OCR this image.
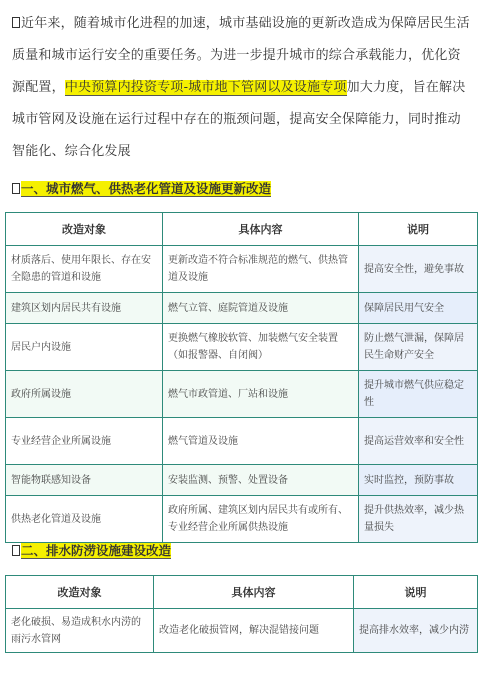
近年来，随着城市化进程的加速，城市基础设施的更新改造成为保障居民生活质量和城市运行安全的重要任务。为进一步提升城市的综合承载能力，优化资源配置，中央预算内投资专项-城市地下管网以及设施专项加大力度，旨在解决城市管网及设施在运行过程中存在的瓶颈问题，提高安全保障能力，同时推动智能化、综合化发展

一、城市燃气、供热老化管道及设施更新改造
改造对象	具体内容	说明
材质落后、使用年限长、存在安全隐患的管道和设施	更新改造不符合标准规范的燃气、供热管道及设施	提高安全性，避免事故
建筑区划内居民共有设施	燃气立管、庭院管道及设施	保障居民用气安全
居民户内设施	更换燃气橡胶软管、加装燃气安全装置（如报警器、自闭阀）	防止燃气泄漏，保障居民生命财产安全
政府所属设施	燃气市政管道、厂站和设施	提升城市燃气供应稳定性
专业经营企业所属设施	燃气管道及设施	提高运营效率和安全性
智能物联感知设备	安装监测、预警、处置设备	实时监控，预防事故
供热老化管道及设施	政府所属、建筑区划内居民共有或所有、专业经营企业所属供热设施	提升供热效率，减少热量损失
二、排水防涝设施建设改造
改造对象	具体内容	说明
老化破损、易造成积水内涝的雨污水管网	改造老化破损管网，解决混错接问题	提高排水效率，减少内涝
